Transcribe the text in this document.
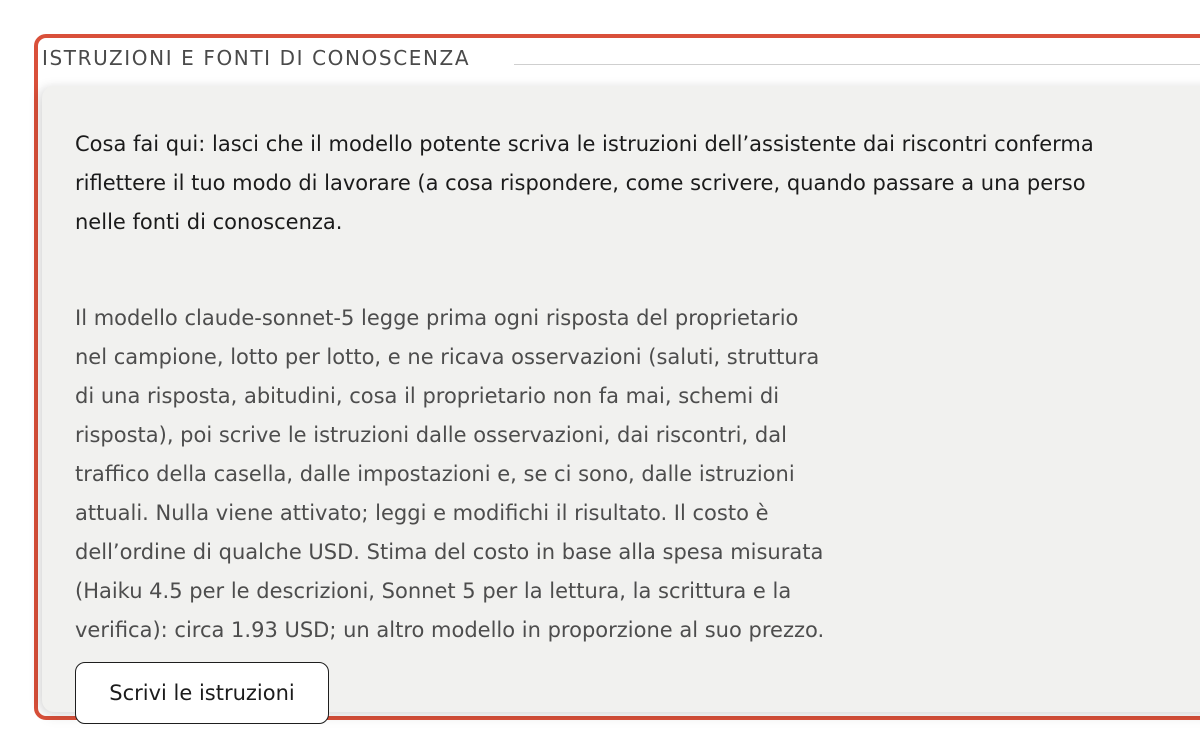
ISTRUZIONI E FONTI DI CONOSCENZA

Cosa fai qui: lasci che il modello potente scriva le istruzioni dell’assistente dai riscontri conferma
riflettere il tuo modo di lavorare (a cosa rispondere, come scrivere, quando passare a una perso
nelle fonti di conoscenza.

Il modello claude-sonnet-5 legge prima ogni risposta del proprietario
nel campione, lotto per lotto, e ne ricava osservazioni (saluti, struttura
di una risposta, abitudini, cosa il proprietario non fa mai, schemi di
risposta), poi scrive le istruzioni dalle osservazioni, dai riscontri, dal
traffico della casella, dalle impostazioni e, se ci sono, dalle istruzioni
attuali. Nulla viene attivato; leggi e modifichi il risultato. Il costo è
dell’ordine di qualche USD. Stima del costo in base alla spesa misurata
(Haiku 4.5 per le descrizioni, Sonnet 5 per la lettura, la scrittura e la
verifica): circa 1.93 USD; un altro modello in proporzione al suo prezzo.

Scrivi le istruzioni
